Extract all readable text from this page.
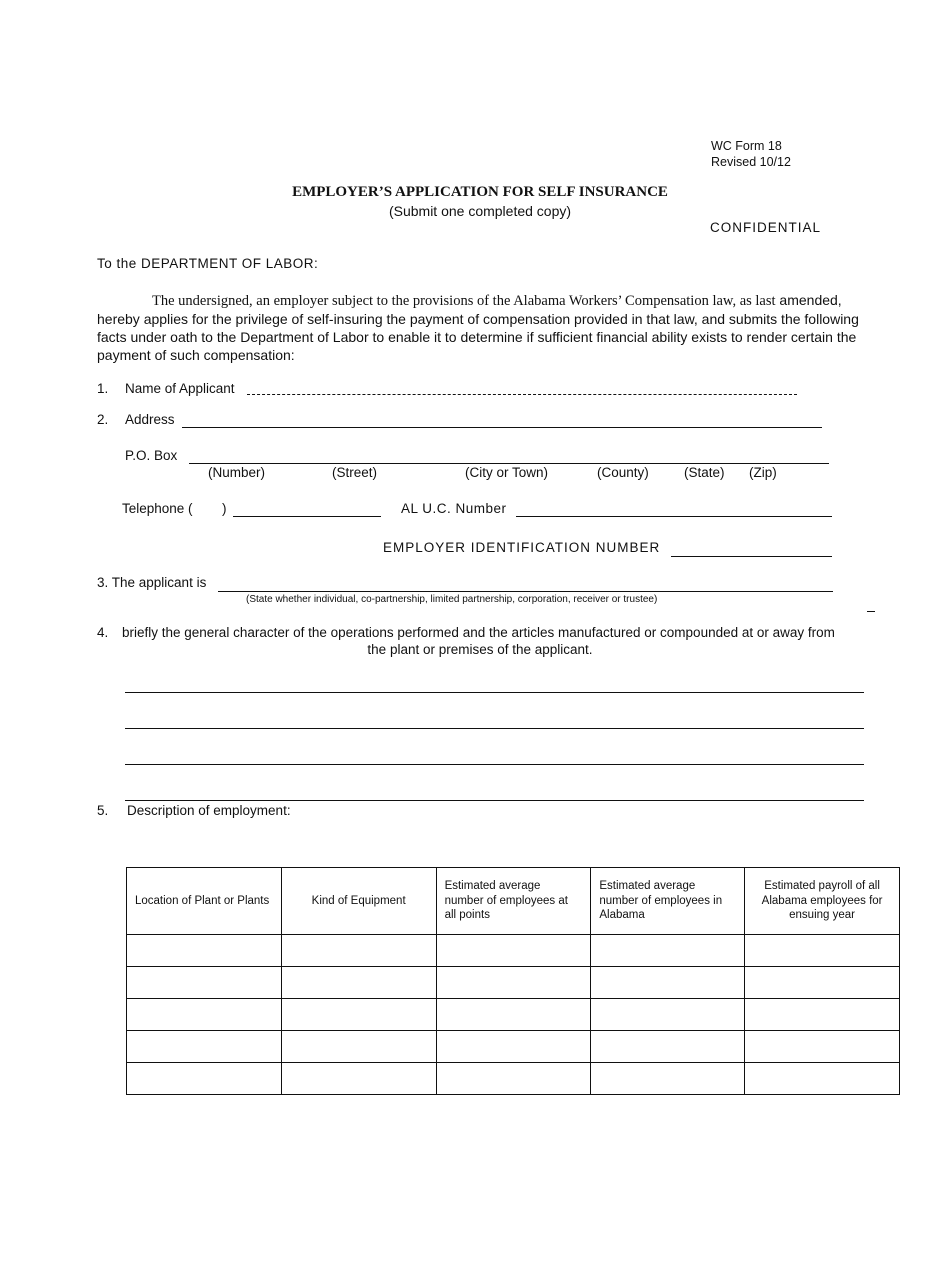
WC Form 18
Revised 10/12
EMPLOYER’S APPLICATION FOR SELF INSURANCE
(Submit one completed copy)
CONFIDENTIAL
To the DEPARTMENT OF LABOR:
The undersigned, an employer subject to the provisions of the Alabama Workers’ Compensation law, as last amended, hereby applies for the privilege of self-insuring the payment of compensation provided in that law, and submits the following facts under oath to the Department of Labor to enable it to determine if sufficient financial ability exists to render certain the payment of such compensation:
1. Name of Applicant
2. Address
P.O. Box
(Number)	(Street)	(City or Town)	(County)	(State) (Zip)
Telephone ( )	AL U.C. Number
EMPLOYER IDENTIFICATION NUMBER
3. The applicant is
(State whether individual, co-partnership, limited partnership, corporation, receiver or trustee)
4. briefly the general character of the operations performed and the articles manufactured or compounded at or away from
the plant or premises of the applicant.
5. Description of employment:
Location of Plant or Plants	Kind of Equipment	Estimated average number of employees at all points	Estimated average number of employees in Alabama	Estimated payroll of all Alabama employees for ensuing year
